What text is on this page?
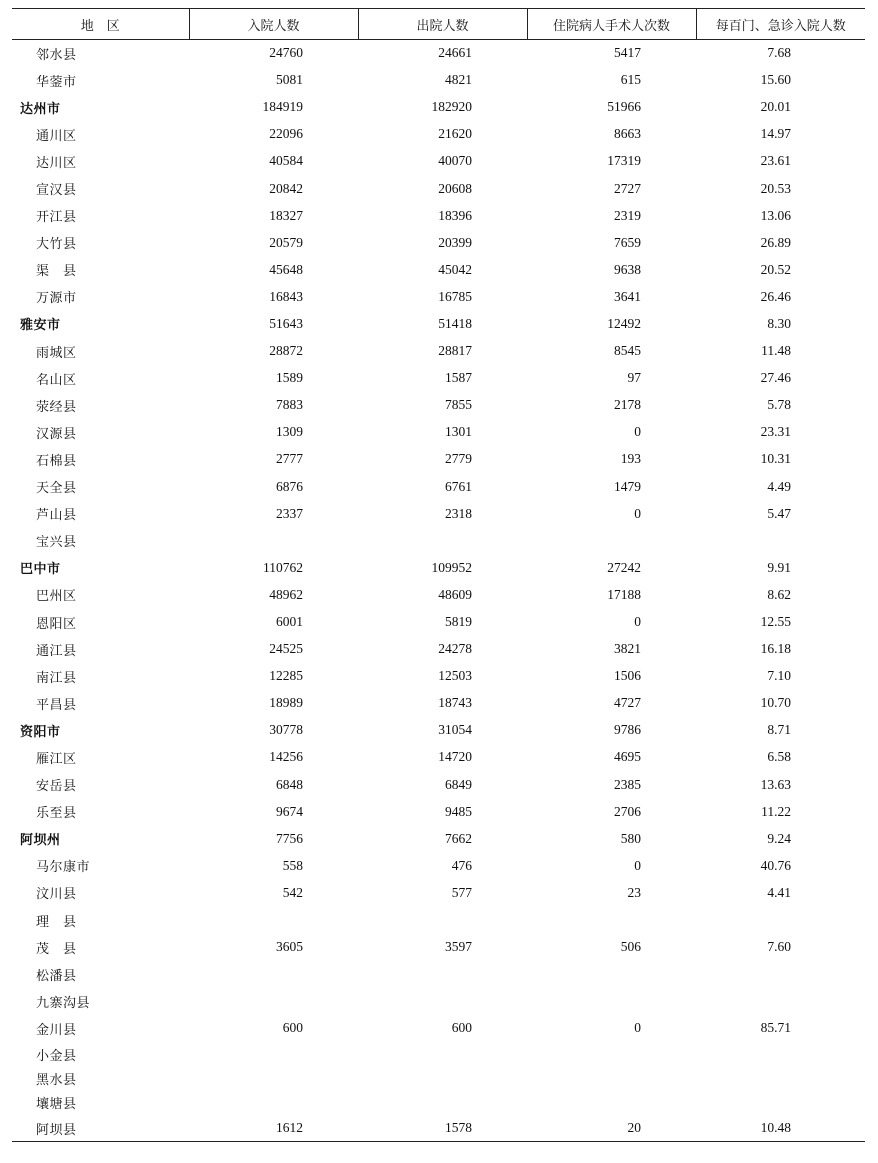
地　区	入院人数	出院人数	住院病人手术人次数	每百门、急诊入院人数
邻水县	24760	24661	5417	7.68
华蓥市	5081	4821	615	15.60
达州市	184919	182920	51966	20.01
通川区	22096	21620	8663	14.97
达川区	40584	40070	17319	23.61
宣汉县	20842	20608	2727	20.53
开江县	18327	18396	2319	13.06
大竹县	20579	20399	7659	26.89
渠　县	45648	45042	9638	20.52
万源市	16843	16785	3641	26.46
雅安市	51643	51418	12492	8.30
雨城区	28872	28817	8545	11.48
名山区	1589	1587	97	27.46
荥经县	7883	7855	2178	5.78
汉源县	1309	1301	0	23.31
石棉县	2777	2779	193	10.31
天全县	6876	6761	1479	4.49
芦山县	2337	2318	0	5.47
宝兴县				
巴中市	110762	109952	27242	9.91
巴州区	48962	48609	17188	8.62
恩阳区	6001	5819	0	12.55
通江县	24525	24278	3821	16.18
南江县	12285	12503	1506	7.10
平昌县	18989	18743	4727	10.70
资阳市	30778	31054	9786	8.71
雁江区	14256	14720	4695	6.58
安岳县	6848	6849	2385	13.63
乐至县	9674	9485	2706	11.22
阿坝州	7756	7662	580	9.24
马尔康市	558	476	0	40.76
汶川县	542	577	23	4.41
理　县				
茂　县	3605	3597	506	7.60
松潘县				
九寨沟县				
金川县	600	600	0	85.71
小金县				
黑水县				
壤塘县				
阿坝县	1612	1578	20	10.48
